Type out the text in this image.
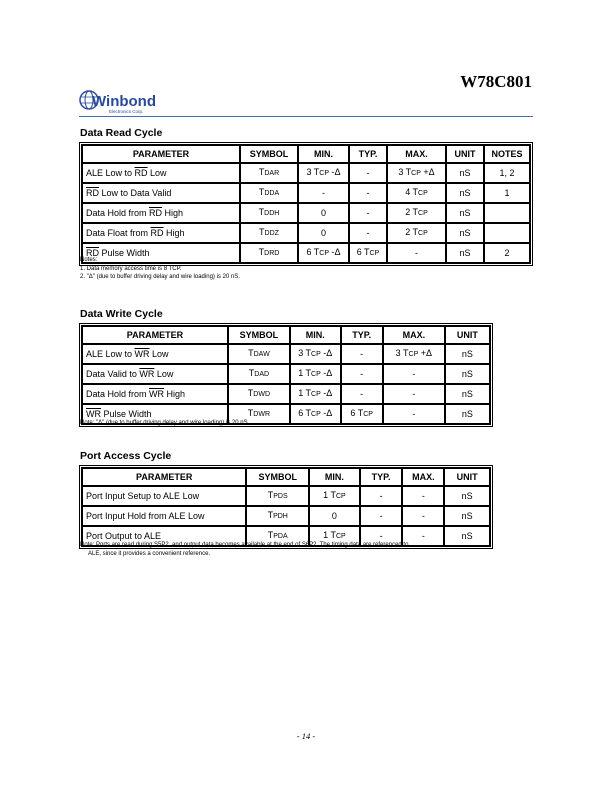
W78C801
Winbond
Electronics Corp.
Data Read Cycle
PARAMETER	SYMBOL	MIN.	TYP.	MAX.	UNIT	NOTES
ALE Low to $\overline{RD}$ Low	TDAR	3 TCP -Δ	-	3 TCP +Δ	nS	1, 2
$\overline{RD}$ Low to Data Valid	TDDA	-	-	4 TCP	nS	1
Data Hold from $\overline{RD}$ High	TDDH	0	-	2 TCP	nS	
Data Float from $\overline{RD}$ High	TDDZ	0	-	2 TCP	nS	
$\overline{RD}$ Pulse Width	TDRD	6 TCP -Δ	6 TCP	-	nS	2
Notes:
1. Data memory access time is 8 TCP.
2. "Δ" (due to buffer driving delay and wire loading) is 20 nS.
Data Write Cycle
PARAMETER	SYMBOL	MIN.	TYP.	MAX.	UNIT
ALE Low to $\overline{WR}$ Low	TDAW	3 TCP -Δ	-	3 TCP +Δ	nS
Data Valid to $\overline{WR}$ Low	TDAD	1 TCP -Δ	-	-	nS
Data Hold from $\overline{WR}$ High	TDWD	1 TCP -Δ	-	-	nS
$\overline{WR}$ Pulse Width	TDWR	6 TCP -Δ	6 TCP	-	nS
Note: "Δ" (due to buffer driving delay and wire loading) is 20 nS.
Port Access Cycle
PARAMETER	SYMBOL	MIN.	TYP.	MAX.	UNIT
Port Input Setup to ALE Low	TPDS	1 TCP	-	-	nS
Port Input Hold from ALE Low	TPDH	0	-	-	nS
Port Output to ALE	TPDA	1 TCP	-	-	nS
Note: Ports are read during S5P2, and output data becomes available at the end of S6P2. The timing data are referenced to
ALE, since it provides a convenient reference.
- 14 -
